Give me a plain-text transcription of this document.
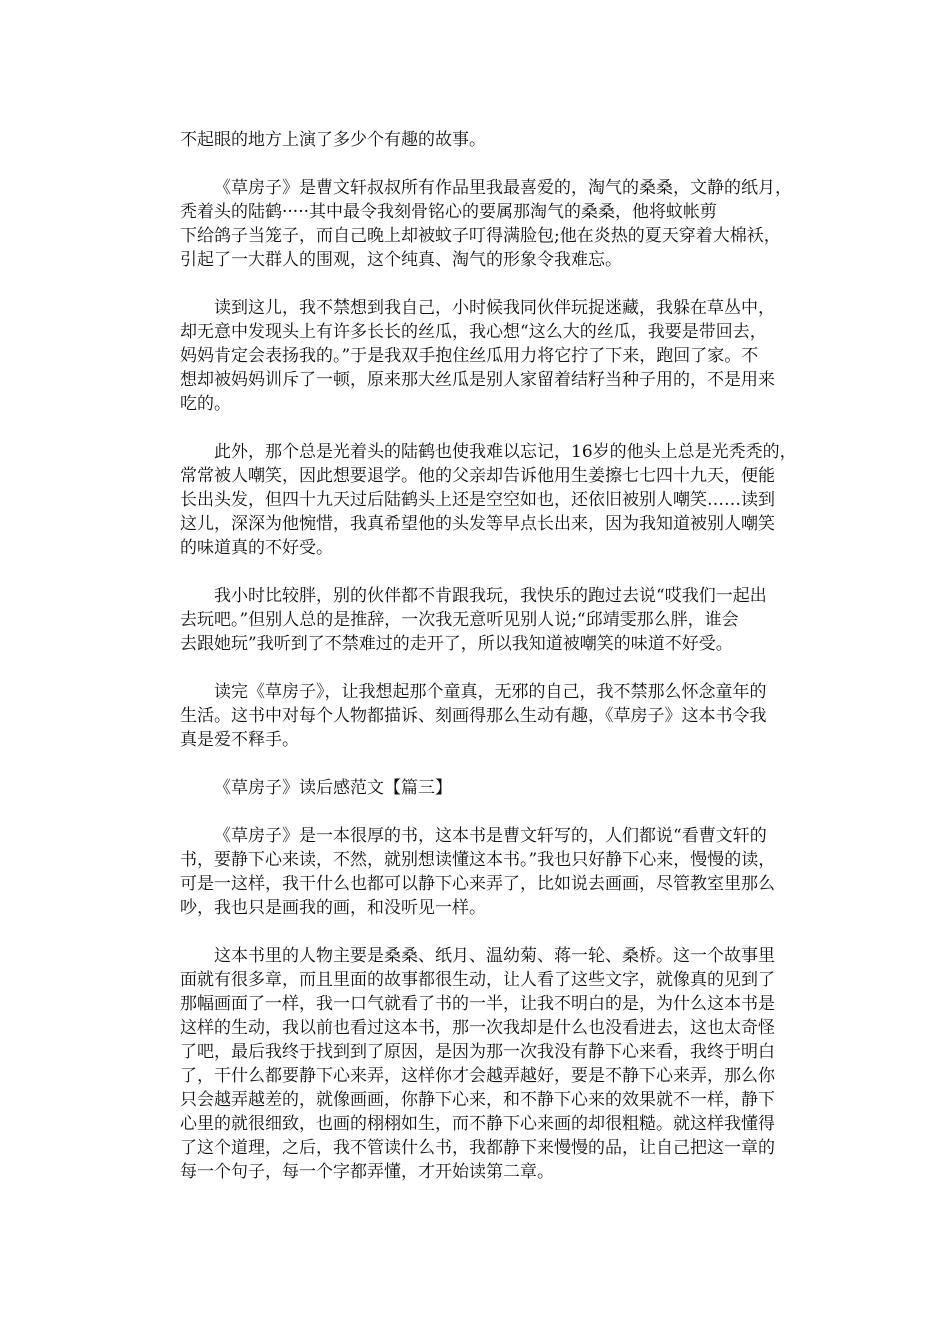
不起眼的地方上演了多少个有趣的故事。

《草房子》是曹文轩叔叔所有作品里我最喜爱的，淘气的桑桑，文静的纸月，
秃着头的陆鹤·····其中最令我刻骨铭心的要属那淘气的桑桑，他将蚊帐剪
下给鸽子当笼子，而自己晚上却被蚊子叮得满脸包;他在炎热的夏天穿着大棉袄，
引起了一大群人的围观，这个纯真、淘气的形象令我难忘。

读到这儿，我不禁想到我自己，小时候我同伙伴玩捉迷藏，我躲在草丛中，
却无意中发现头上有许多长长的丝瓜，我心想“这么大的丝瓜，我要是带回去，
妈妈肯定会表扬我的。”于是我双手抱住丝瓜用力将它拧了下来，跑回了家。不
想却被妈妈训斥了一顿，原来那大丝瓜是别人家留着结籽当种子用的，不是用来
吃的。

此外，那个总是光着头的陆鹤也使我难以忘记，16岁的他头上总是光秃秃的，
常常被人嘲笑，因此想要退学。他的父亲却告诉他用生姜擦七七四十九天，便能
长出头发，但四十九天过后陆鹤头上还是空空如也，还依旧被别人嘲笑……读到
这儿，深深为他惋惜，我真希望他的头发等早点长出来，因为我知道被别人嘲笑
的味道真的不好受。

我小时比较胖，别的伙伴都不肯跟我玩，我快乐的跑过去说“哎我们一起出
去玩吧。”但别人总的是推辞，一次我无意听见别人说;“邱靖雯那么胖，谁会
去跟她玩”我听到了不禁难过的走开了，所以我知道被嘲笑的味道不好受。

读完《草房子》，让我想起那个童真，无邪的自己，我不禁那么怀念童年的
生活。这书中对每个人物都描诉、刻画得那么生动有趣，《草房子》这本书令我
真是爱不释手。

《草房子》读后感范文【篇三】

《草房子》是一本很厚的书，这本书是曹文轩写的，人们都说“看曹文轩的
书，要静下心来读，不然，就别想读懂这本书。”我也只好静下心来，慢慢的读，
可是一这样，我干什么也都可以静下心来弄了，比如说去画画，尽管教室里那么
吵，我也只是画我的画，和没听见一样。

这本书里的人物主要是桑桑、纸月、温幼菊、蒋一轮、桑桥。这一个故事里
面就有很多章，而且里面的故事都很生动，让人看了这些文字，就像真的见到了
那幅画面了一样，我一口气就看了书的一半，让我不明白的是，为什么这本书是
这样的生动，我以前也看过这本书，那一次我却是什么也没看进去，这也太奇怪
了吧，最后我终于找到到了原因，是因为那一次我没有静下心来看，我终于明白
了，干什么都要静下心来弄，这样你才会越弄越好，要是不静下心来弄，那么你
只会越弄越差的，就像画画，你静下心来，和不静下心来的效果就不一样，静下
心里的就很细致，也画的栩栩如生，而不静下心来画的却很粗糙。就这样我懂得
了这个道理，之后，我不管读什么书，我都静下来慢慢的品，让自己把这一章的
每一个句子，每一个字都弄懂，才开始读第二章。
